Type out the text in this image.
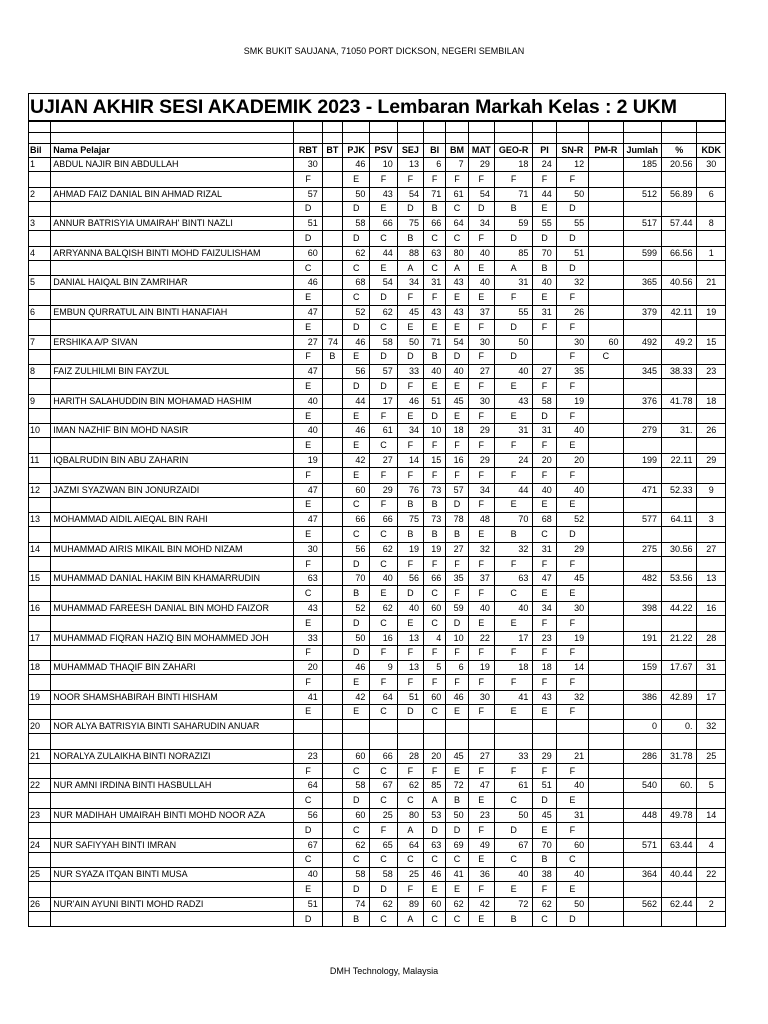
SMK BUKIT SAUJANA, 71050 PORT DICKSON, NEGERI SEMBILAN
UJIAN AKHIR SESI AKADEMIK 2023 - Lembaran Markah Kelas : 2 UKM

Bil	Nama Pelajar	RBT	BT	PJK	PSV	SEJ	BI	BM	MAT	GEO-R	PI	SN-R	PM-R	Jumlah	%	KDK
1	ABDUL NAJIR BIN ABDULLAH	30		46	10	13	6	7	29	18	24	12		185	20.56	30
		F		E	F	F	F	F	F	F	F	F				
2	AHMAD FAIZ DANIAL BIN AHMAD RIZAL	57		50	43	54	71	61	54	71	44	50		512	56.89	6
		D		D	E	D	B	C	D	B	E	D				
3	ANNUR BATRISYIA UMAIRAH' BINTI NAZLI	51		58	66	75	66	64	34	59	55	55		517	57.44	8
		D		D	C	B	C	C	F	D	D	D				
4	ARRYANNA BALQISH BINTI MOHD FAIZULISHAM	60		62	44	88	63	80	40	85	70	51		599	66.56	1
		C		C	E	A	C	A	E	A	B	D				
5	DANIAL HAIQAL BIN ZAMRIHAR	46		68	54	34	31	43	40	31	40	32		365	40.56	21
		E		C	D	F	F	E	E	F	E	F				
6	EMBUN QURRATUL AIN BINTI HANAFIAH	47		52	62	45	43	43	37	55	31	26		379	42.11	19
		E		D	C	E	E	E	F	D	F	F				
7	ERSHIKA A/P SIVAN	27	74	46	58	50	71	54	30	50		30	60	492	49.2	15
		F	B	E	D	D	B	D	F	D		F	C			
8	FAIZ ZULHILMI BIN FAYZUL	47		56	57	33	40	40	27	40	27	35		345	38.33	23
		E		D	D	F	E	E	F	E	F	F				
9	HARITH SALAHUDDIN BIN MOHAMAD HASHIM	40		44	17	46	51	45	30	43	58	19		376	41.78	18
		E		E	F	E	D	E	F	E	D	F				
10	IMAN NAZHIF BIN MOHD NASIR	40		46	61	34	10	18	29	31	31	40		279	31.	26
		E		E	C	F	F	F	F	F	F	E				
11	IQBALRUDIN BIN ABU ZAHARIN	19		42	27	14	15	16	29	24	20	20		199	22.11	29
		F		E	F	F	F	F	F	F	F	F				
12	JAZMI SYAZWAN BIN JONURZAIDI	47		60	29	76	73	57	34	44	40	40		471	52.33	9
		E		C	F	B	B	D	F	E	E	E				
13	MOHAMMAD AIDIL AIEQAL BIN RAHI	47		66	66	75	73	78	48	70	68	52		577	64.11	3
		E		C	C	B	B	B	E	B	C	D				
14	MUHAMMAD AIRIS MIKAIL BIN MOHD NIZAM	30		56	62	19	19	27	32	32	31	29		275	30.56	27
		F		D	C	F	F	F	F	F	F	F				
15	MUHAMMAD DANIAL HAKIM BIN KHAMARRUDIN	63		70	40	56	66	35	37	63	47	45		482	53.56	13
		C		B	E	D	C	F	F	C	E	E				
16	MUHAMMAD FAREESH DANIAL BIN MOHD FAIZOR	43		52	62	40	60	59	40	40	34	30		398	44.22	16
		E		D	C	E	C	D	E	E	F	F				
17	MUHAMMAD FIQRAN HAZIQ BIN MOHAMMED JOH	33		50	16	13	4	10	22	17	23	19		191	21.22	28
		F		D	F	F	F	F	F	F	F	F				
18	MUHAMMAD THAQIF BIN ZAHARI	20		46	9	13	5	6	19	18	18	14		159	17.67	31
		F		E	F	F	F	F	F	F	F	F				
19	NOOR SHAMSHABIRAH BINTI HISHAM	41		42	64	51	60	46	30	41	43	32		386	42.89	17
		E		E	C	D	C	E	F	E	E	F				
20	NOR ALYA BATRISYIA BINTI SAHARUDIN ANUAR													0	0.	32

21	NORALYA ZULAIKHA BINTI NORAZIZI	23		60	66	28	20	45	27	33	29	21		286	31.78	25
		F		C	C	F	F	E	F	F	F	F				
22	NUR AMNI IRDINA BINTI HASBULLAH	64		58	67	62	85	72	47	61	51	40		540	60.	5
		C		D	C	C	A	B	E	C	D	E				
23	NUR MADIHAH UMAIRAH BINTI MOHD NOOR AZA	56		60	25	80	53	50	23	50	45	31		448	49.78	14
		D		C	F	A	D	D	F	D	E	F				
24	NUR SAFIYYAH BINTI IMRAN	67		62	65	64	63	69	49	67	70	60		571	63.44	4
		C		C	C	C	C	C	E	C	B	C				
25	NUR SYAZA ITQAN BINTI MUSA	40		58	58	25	46	41	36	40	38	40		364	40.44	22
		E		D	D	F	E	E	F	E	F	E				
26	NUR'AIN AYUNI BINTI MOHD RADZI	51		74	62	89	60	62	42	72	62	50		562	62.44	2
		D		B	C	A	C	C	E	B	C	D				
DMH Technology, Malaysia
